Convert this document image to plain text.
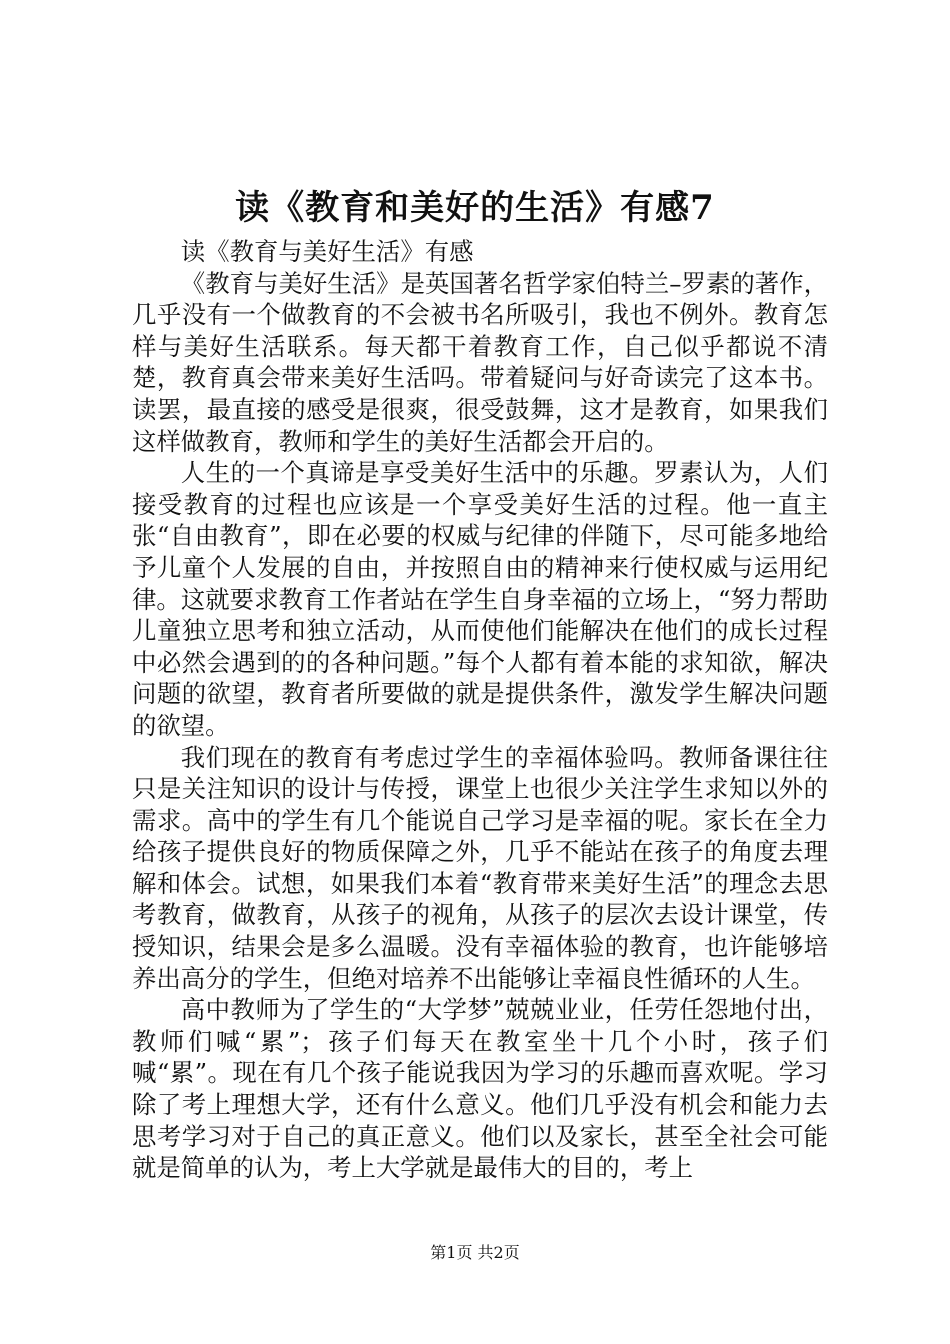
读《教育和美好的生活》有感7

读《教育与美好生活》有感

《教育与美好生活》是英国著名哲学家伯特兰–罗素的著作，几乎没有一个做教育的不会被书名所吸引，我也不例外。教育怎样与美好生活联系。每天都干着教育工作，自己似乎都说不清楚，教育真会带来美好生活吗。带着疑问与好奇读完了这本书。读罢，最直接的感受是很爽，很受鼓舞，这才是教育，如果我们这样做教育，教师和学生的美好生活都会开启的。

人生的一个真谛是享受美好生活中的乐趣。罗素认为，人们接受教育的过程也应该是一个享受美好生活的过程。他一直主张“自由教育”，即在必要的权威与纪律的伴随下，尽可能多地给予儿童个人发展的自由，并按照自由的精神来行使权威与运用纪律。这就要求教育工作者站在学生自身幸福的立场上，“努力帮助儿童独立思考和独立活动，从而使他们能解决在他们的成长过程中必然会遇到的的各种问题。”每个人都有着本能的求知欲，解决问题的欲望，教育者所要做的就是提供条件，激发学生解决问题的欲望。

我们现在的教育有考虑过学生的幸福体验吗。教师备课往往只是关注知识的设计与传授，课堂上也很少关注学生求知以外的需求。高中的学生有几个能说自己学习是幸福的呢。家长在全力给孩子提供良好的物质保障之外，几乎不能站在孩子的角度去理解和体会。试想，如果我们本着“教育带来美好生活”的理念去思考教育，做教育，从孩子的视角，从孩子的层次去设计课堂，传授知识，结果会是多么温暖。没有幸福体验的教育，也许能够培养出高分的学生，但绝对培养不出能够让幸福良性循环的人生。

高中教师为了学生的“大学梦”兢兢业业，任劳任怨地付出，教师们喊“累”；孩子们每天在教室坐十几个小时，孩子们喊“累”。现在有几个孩子能说我因为学习的乐趣而喜欢呢。学习除了考上理想大学，还有什么意义。他们几乎没有机会和能力去思考学习对于自己的真正意义。他们以及家长，甚至全社会可能就是简单的认为，考上大学就是最伟大的目的，考上

第1页 共2页
